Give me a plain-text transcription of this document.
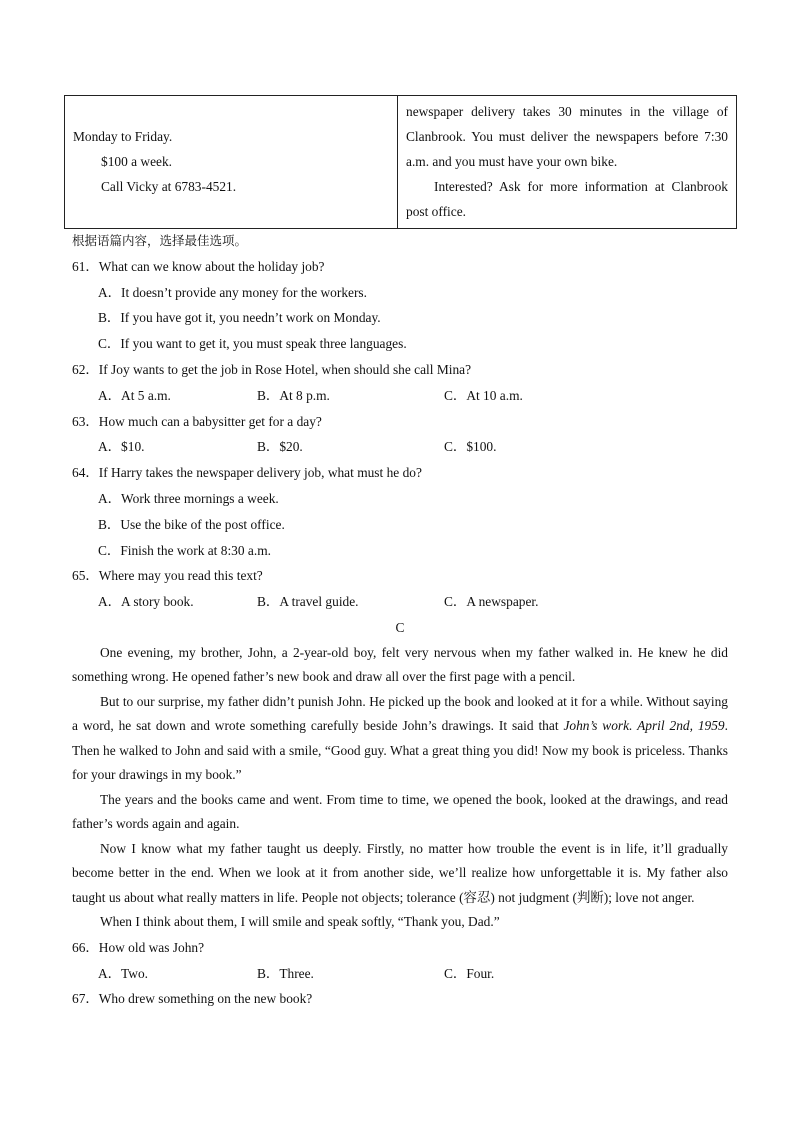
Monday to Friday.
$100 a week.
Call Vicky at 6783-4521.
newspaper delivery takes 30 minutes in the village of Clanbrook. You must deliver the newspapers before 7:30 a.m. and you must have your own bike.
Interested? Ask for more information at Clanbrook post office.
根据语篇内容，选择最佳选项。

61．What can we know about the holiday job?

A．It doesn’t provide any money for the workers.

B．If you have got it, you needn’t work on Monday.

C．If you want to get it, you must speak three languages.

62．If Joy wants to get the job in Rose Hotel, when should she call Mina?

A．At 5 a.m.	B．At 8 p.m.	C．At 10 a.m.

63．How much can a babysitter get for a day?

A．$10.	B．$20.	C．$100.

64．If Harry takes the newspaper delivery job, what must he do?

A．Work three mornings a week.

B．Use the bike of the post office.

C．Finish the work at 8:30 a.m.

65．Where may you read this text?

A．A story book.	B．A travel guide.	C．A newspaper.

C

One evening, my brother, John, a 2-year-old boy, felt very nervous when my father walked in. He knew he did something wrong. He opened father’s new book and draw all over the first page with a pencil.

But to our surprise, my father didn’t punish John. He picked up the book and looked at it for a while. Without saying a word, he sat down and wrote something carefully beside John’s drawings. It said that John’s work. April 2nd, 1959. Then he walked to John and said with a smile, “Good guy. What a great thing you did! Now my book is priceless. Thanks for your drawings in my book.”

The years and the books came and went. From time to time, we opened the book, looked at the drawings, and read father’s words again and again.

Now I know what my father taught us deeply. Firstly, no matter how trouble the event is in life, it’ll gradually become better in the end. When we look at it from another side, we’ll realize how unforgettable it is. My father also taught us about what really matters in life. People not objects; tolerance (容忍) not judgment (判断); love not anger.

When I think about them, I will smile and speak softly, “Thank you, Dad.”

66．How old was John?

A．Two.	B．Three.	C．Four.

67．Who drew something on the new book?
